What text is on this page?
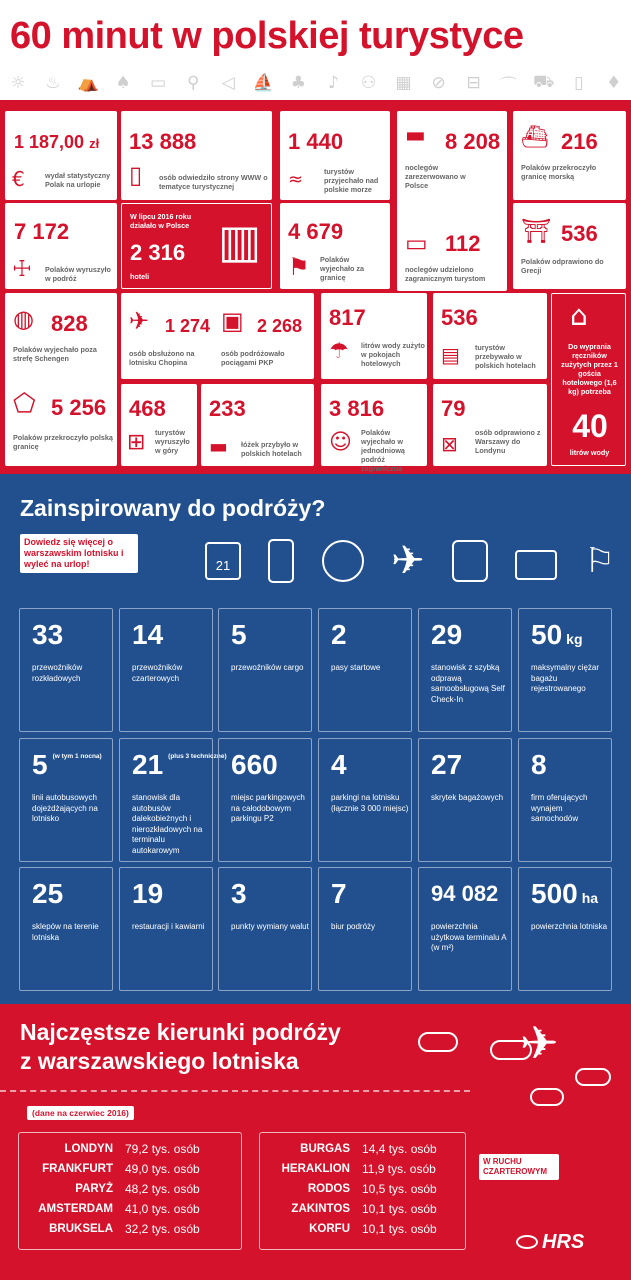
60 minut w polskiej turystyce
☼ ♨ ⛺ ♠ ▭	⚲	◁	⛵ ♣	♪	⚇ ▦ ⊘ ⊟ ⌒ ⛟	▯	♦
1 187,00 zł
€	wydał statystyczny Polak na urlopie
13 888
▯ osób odwiedziło strony WWW o tematyce turystycznej
1 440
≈	turystów przyjechało nad polskie morze
▬ 8 208
noclegów zarezerwowano w Polsce
▭ 112
noclegów udzielono zagranicznym turystom
⛴ 216
Polaków przekroczyło granicę morską
7 172
☩ Polaków wyruszyło w podróż
W lipcu 2016 roku działało w Polsce
2 316
hoteli
▥ 4 679
⚑ Polaków wyjechało za granicę
⛩ 536
Polaków odprawiono do Grecji
◍ 828
Polaków wyjechało poza strefę Schengen
⬠ 5 256
Polaków przekroczyło polską granicę
✈ 1 274
osób obsłużono na lotnisku Chopina
▣ 2 268
osób podróżowało pociągami PKP
817
☂ litrów wody zużyto w pokojach hotelowych
536
▤ turystów przebywało w polskich hotelach
⌂
Do wyprania ręczników zużytych przez 1 gościa hotelowego (1,6 kg) potrzeba
40
litrów wody
468
⊞ turystów wyruszyło w góry
233
▬ łóżek przybyło w polskich hotelach
3 816
☺ Polaków wyjechało w jednodniową podróż zagraniczną
79
⊠ osób odprawiono z Warszawy do Londynu
Zainspirowany do podróży?
Dowiedz się więcej o warszawskim lotnisku i wyleć na urlop!	21	✈	⚐
33
przewoźników rozkładowych
14
przewoźników czarterowych
5
przewoźników cargo
2
pasy startowe
29
stanowisk z szybką odprawą samoobsługową Self Check-In
50 kg
maksymalny ciężar bagażu rejestrowanego
5 (w tym 1 nocna)
linii autobusowych dojeżdżających na lotnisko
21 (plus 3 techniczne)
stanowisk dla autobusów dalekobieżnych i nierozkładowych na terminalu autokarowym
660
miejsc parkingowych na całodobowym parkingu P2
4
parkingi na lotnisku (łącznie 3 000 miejsc)
27
skrytek bagażowych
8
firm oferujących wynajem samochodów
25
sklepów na terenie lotniska
19
restauracji i kawiarni
3
punkty wymiany walut
7
biur podróży
94 082
powierzchnia użytkowa terminalu A (w m²)
500 ha
powierzchnia lotniska
Najczęstsze kierunki podróży
z warszawskiego lotniska	✈
(dane na czerwiec 2016)
LONDYN 79,2 tys. osób
FRANKFURT 49,0 tys. osób
PARYŻ 48,2 tys. osób
AMSTERDAM 41,0 tys. osób
BRUKSELA 32,2 tys. osób
BURGAS 14,4 tys. osób
HERAKLION 11,9 tys. osób
RODOS 10,5 tys. osób
ZAKINTOS 10,1 tys. osób
KORFU 10,1 tys. osób
W RUCHU CZARTEROWYM
HRS
